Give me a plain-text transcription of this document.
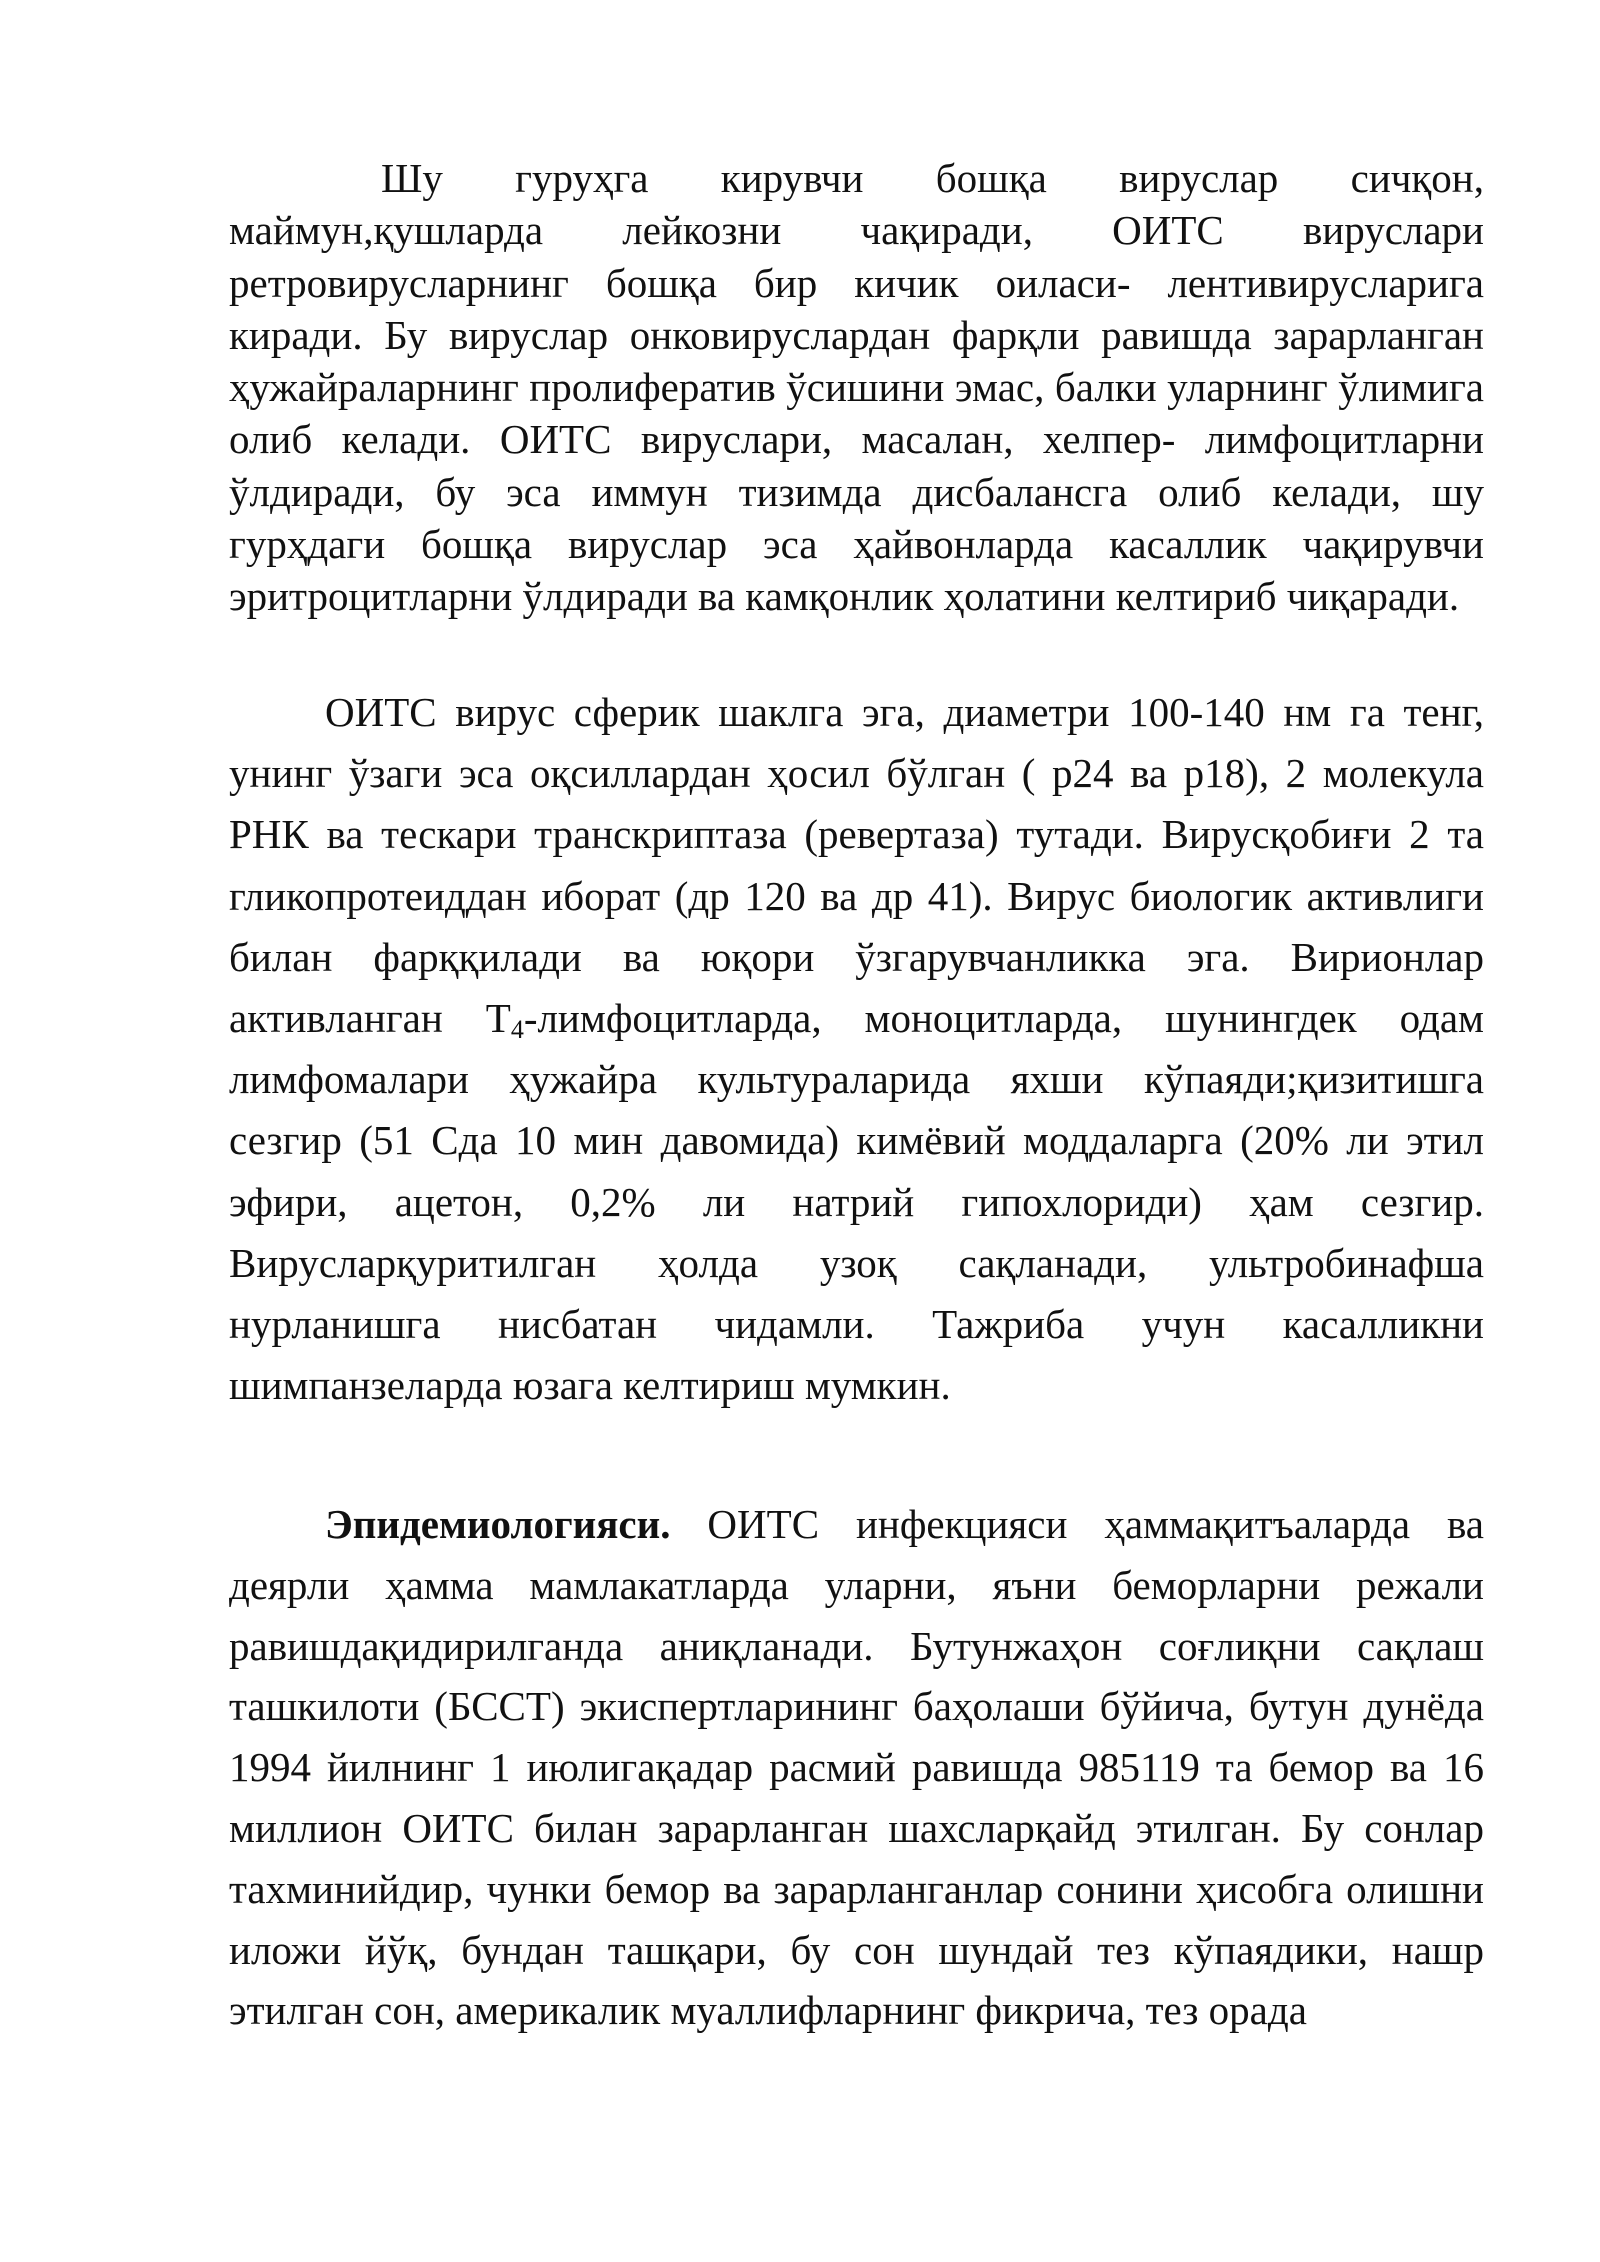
Шу гуруҳга кирувчи бошқа вируслар сичқон, маймун,қушларда лейкозни чақиради, ОИТС вируслари ретровирусларнинг бошқа бир кичик оиласи- лентивирусларига киради. Бу вируслар онковируслардан фарқли равишда зарарланган ҳужайраларнинг пролифератив ўсишини эмас, балки уларнинг ўлимига олиб келади. ОИТС вируслари, масалан, хелпер- лимфоцитларни ўлдиради, бу эса иммун тизимда дисбалансга олиб келади, шу гурҳдаги бошқа вируслар эса ҳайвонларда касаллик чақирувчи эритроцитларни ўлдиради ва камқонлик ҳолатини келтириб чиқаради.
ОИТС вирус сферик шаклга эга, диаметри 100-140 нм га тенг, унинг ўзаги эса оқсиллардан ҳосил бўлган ( р24 ва р18), 2 молекула РНК ва тескари транскриптаза (ревертаза) тутади. Вирусқобиғи 2 та гликопротеиддан иборат (др 120 ва др 41). Вирус биологик активлиги билан фарққилади ва юқори ўзгарувчанликка эга. Вирионлар активланган $Т_4$-лимфоцитларда, моноцитларда, шунингдек одам лимфомалари ҳужайра культураларида яхши кўпаяди;қизитишга сезгир (51 Сда 10 мин давомида) кимёвий моддаларга (20% ли этил эфири, ацетон, 0,2% ли натрий гипохлориди) ҳам сезгир. Вирусларқуритилган ҳолда узоқ сақланади, ультробинафша нурланишга нисбатан чидамли. Тажриба учун касалликни шимпанзеларда юзага келтириш мумкин.
Эпидемиологияси. ОИТС инфекцияси ҳаммақитъаларда ва деярли ҳамма мамлакатларда уларни, яъни беморларни режали равишдақидирилганда аниқланади. Бутунжаҳон соғлиқни сақлаш ташкилоти (БССТ) экиспертларининг баҳолаши бўйича, бутун дунёда 1994 йилнинг 1 июлигақадар расмий равишда 985119 та бемор ва 16 миллион ОИТС билан зарарланган шахсларқайд этилган. Бу сонлар тахминийдир, чунки бемор ва зарарланганлар сонини ҳисобга олишни иложи йўқ, бундан ташқари, бу сон шундай тез кўпаядики, нашр этилган сон, америкалик муаллифларнинг фикрича, тез орада
